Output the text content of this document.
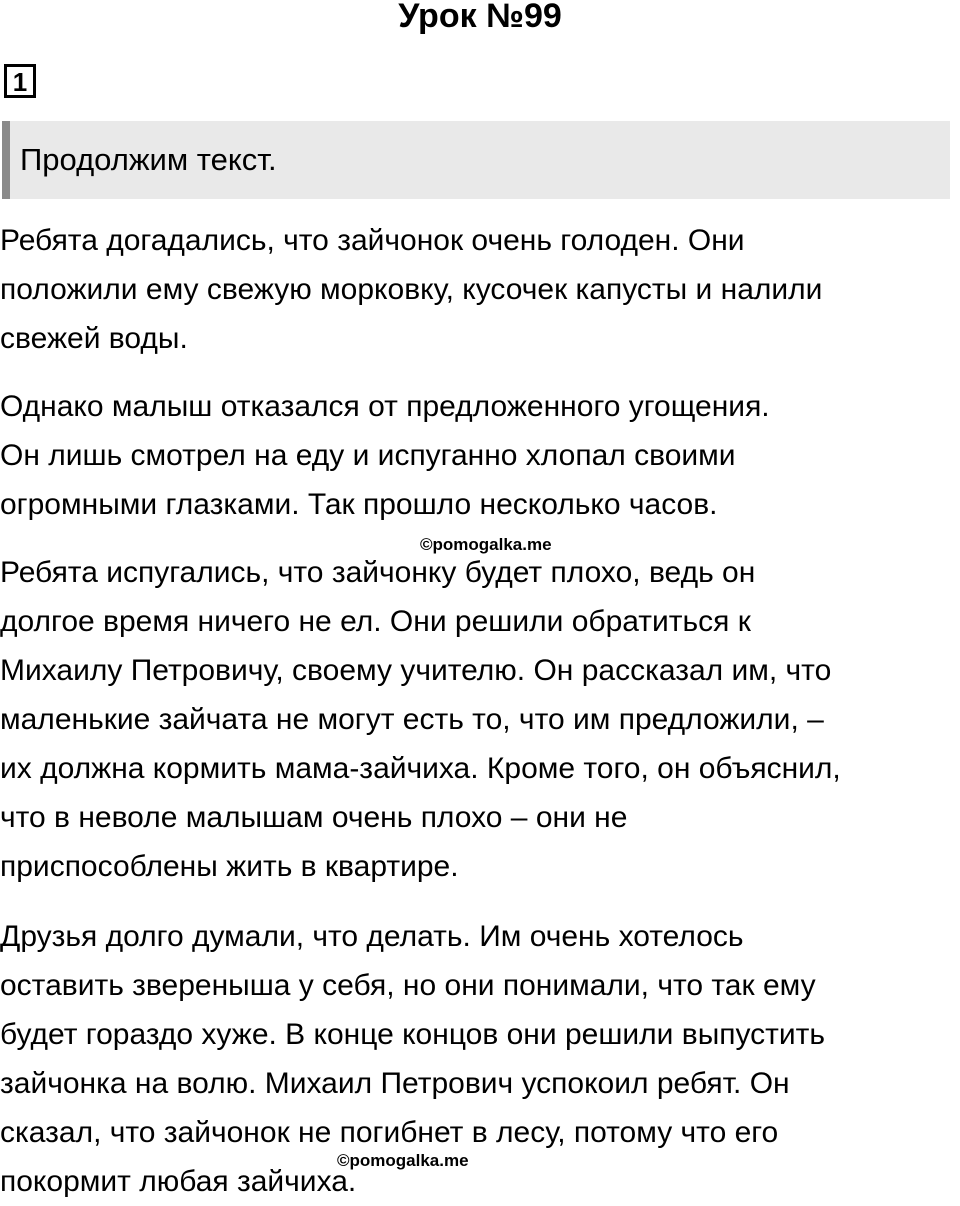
Урок №99
1
Продолжим текст.

Ребята догадались, что зайчонок очень голоден. Они
положили ему свежую морковку, кусочек капусты и налили
свежей воды.

Однако малыш отказался от предложенного угощения.
Он лишь смотрел на еду и испуганно хлопал своими
огромными глазками. Так прошло несколько часов.

Ребята испугались, что зайчонку будет плохо, ведь он
долгое время ничего не ел. Они решили обратиться к
Михаилу Петровичу, своему учителю. Он рассказал им, что
маленькие зайчата не могут есть то, что им предложили, –
их должна кормить мама-зайчиха. Кроме того, он объяснил,
что в неволе малышам очень плохо – они не
приспособлены жить в квартире.

Друзья долго думали, что делать. Им очень хотелось
оставить звереныша у себя, но они понимали, что так ему
будет гораздо хуже. В конце концов они решили выпустить
зайчонка на волю. Михаил Петрович успокоил ребят. Он
сказал, что зайчонок не погибнет в лесу, потому что его
покормит любая зайчиха.

©pomogalka.me
©pomogalka.me
